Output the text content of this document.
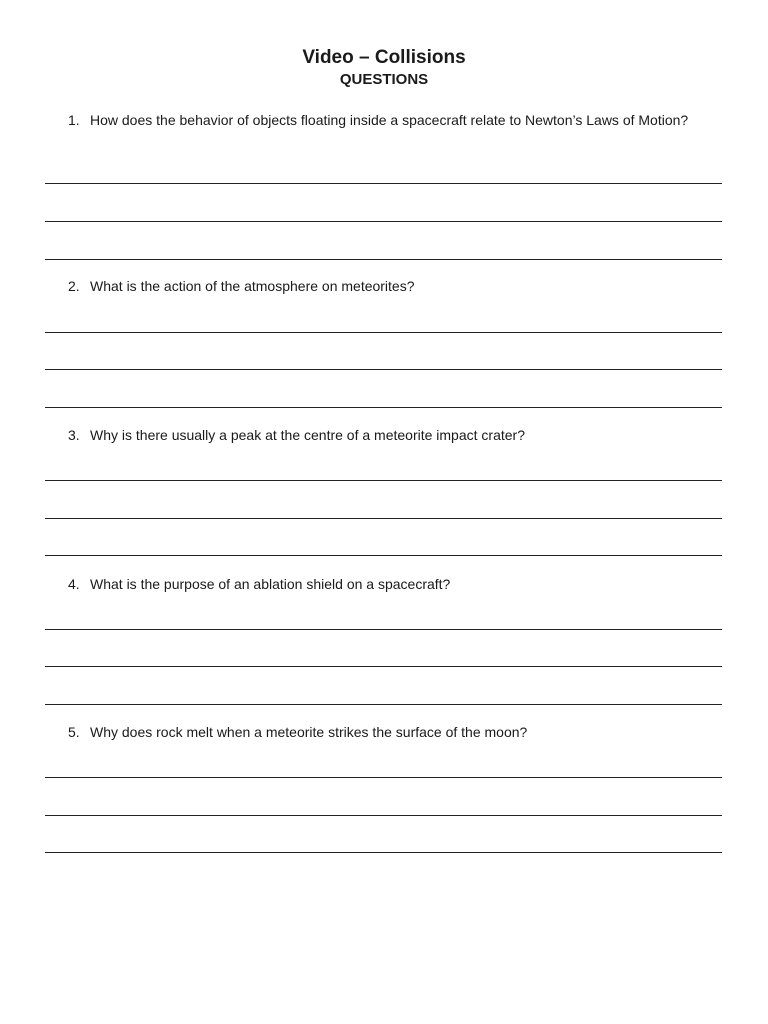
Video – Collisions
QUESTIONS
1. How does the behavior of objects floating inside a spacecraft relate to Newton’s Laws of Motion?
2. What is the action of the atmosphere on meteorites?
3. Why is there usually a peak at the centre of a meteorite impact crater?
4. What is the purpose of an ablation shield on a spacecraft?
5. Why does rock melt when a meteorite strikes the surface of the moon?
